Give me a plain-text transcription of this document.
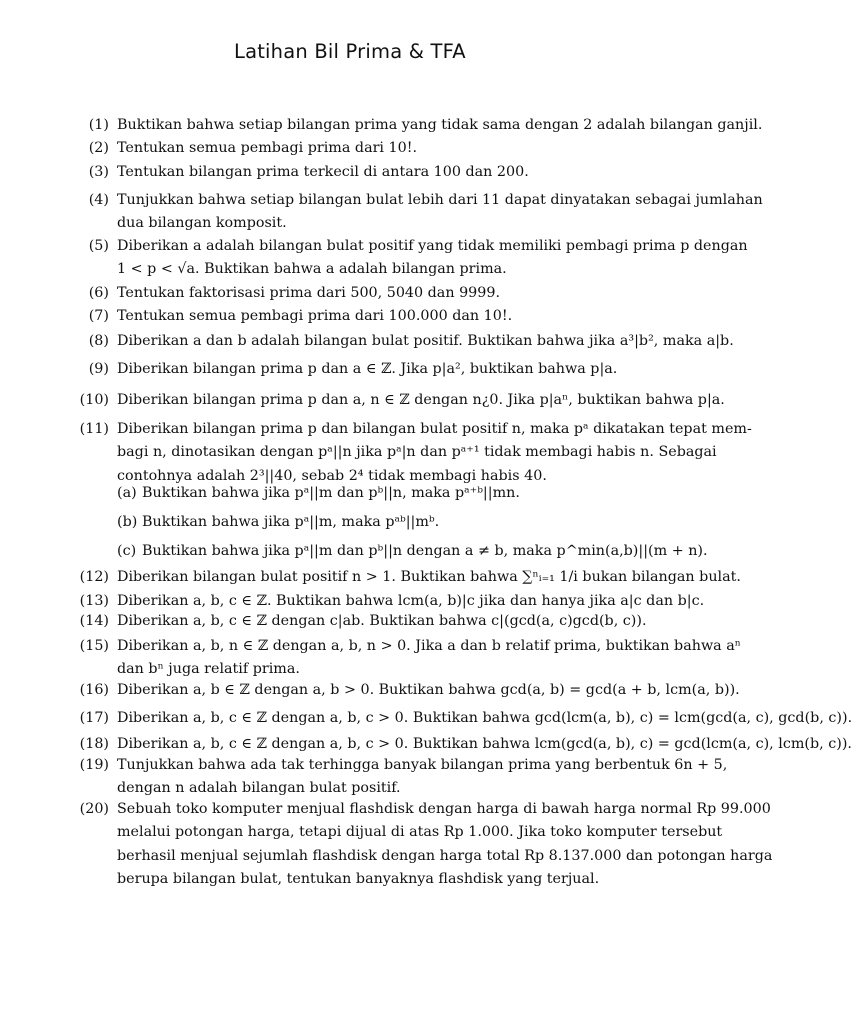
Latihan Bil Prima & TFA
(1) Buktikan bahwa setiap bilangan prima yang tidak sama dengan 2 adalah bilangan ganjil.
(2) Tentukan semua pembagi prima dari 10!.
(3) Tentukan bilangan prima terkecil di antara 100 dan 200.
(4) Tunjukkan bahwa setiap bilangan bulat lebih dari 11 dapat dinyatakan sebagai jumlahan
dua bilangan komposit.
(5) Diberikan a adalah bilangan bulat positif yang tidak memiliki pembagi prima p dengan
1 < p < √a. Buktikan bahwa a adalah bilangan prima.
(6) Tentukan faktorisasi prima dari 500, 5040 dan 9999.
(7) Tentukan semua pembagi prima dari 100.000 dan 10!.
(8) Diberikan a dan b adalah bilangan bulat positif. Buktikan bahwa jika a³|b², maka a|b.
(9) Diberikan bilangan prima p dan a ∈ ℤ. Jika p|a², buktikan bahwa p|a.
(10) Diberikan bilangan prima p dan a, n ∈ ℤ dengan n¿0. Jika p|aⁿ, buktikan bahwa p|a.
(11) Diberikan bilangan prima p dan bilangan bulat positif n, maka pᵃ dikatakan tepat mem-
bagi n, dinotasikan dengan pᵃ||n jika pᵃ|n dan pᵃ⁺¹ tidak membagi habis n. Sebagai
contohnya adalah 2³||40, sebab 2⁴ tidak membagi habis 40.
(a) Buktikan bahwa jika pᵃ||m dan pᵇ||n, maka pᵃ⁺ᵇ||mn.
(b) Buktikan bahwa jika pᵃ||m, maka pᵃᵇ||mᵇ.
(c) Buktikan bahwa jika pᵃ||m dan pᵇ||n dengan a ≠ b, maka p^min(a,b)||(m + n).
(12) Diberikan bilangan bulat positif n > 1. Buktikan bahwa ∑ⁿᵢ₌₁ 1/i bukan bilangan bulat.
(13) Diberikan a, b, c ∈ ℤ. Buktikan bahwa lcm(a, b)|c jika dan hanya jika a|c dan b|c.
(14) Diberikan a, b, c ∈ ℤ dengan c|ab. Buktikan bahwa c|(gcd(a, c)gcd(b, c)).
(15) Diberikan a, b, n ∈ ℤ dengan a, b, n > 0. Jika a dan b relatif prima, buktikan bahwa aⁿ
dan bⁿ juga relatif prima.
(16) Diberikan a, b ∈ ℤ dengan a, b > 0. Buktikan bahwa gcd(a, b) = gcd(a + b, lcm(a, b)).
(17) Diberikan a, b, c ∈ ℤ dengan a, b, c > 0. Buktikan bahwa gcd(lcm(a, b), c) = lcm(gcd(a, c), gcd(b, c)).
(18) Diberikan a, b, c ∈ ℤ dengan a, b, c > 0. Buktikan bahwa lcm(gcd(a, b), c) = gcd(lcm(a, c), lcm(b, c)).
(19) Tunjukkan bahwa ada tak terhingga banyak bilangan prima yang berbentuk 6n + 5,
dengan n adalah bilangan bulat positif.
(20) Sebuah toko komputer menjual flashdisk dengan harga di bawah harga normal Rp 99.000
melalui potongan harga, tetapi dijual di atas Rp 1.000. Jika toko komputer tersebut
berhasil menjual sejumlah flashdisk dengan harga total Rp 8.137.000 dan potongan harga
berupa bilangan bulat, tentukan banyaknya flashdisk yang terjual.
